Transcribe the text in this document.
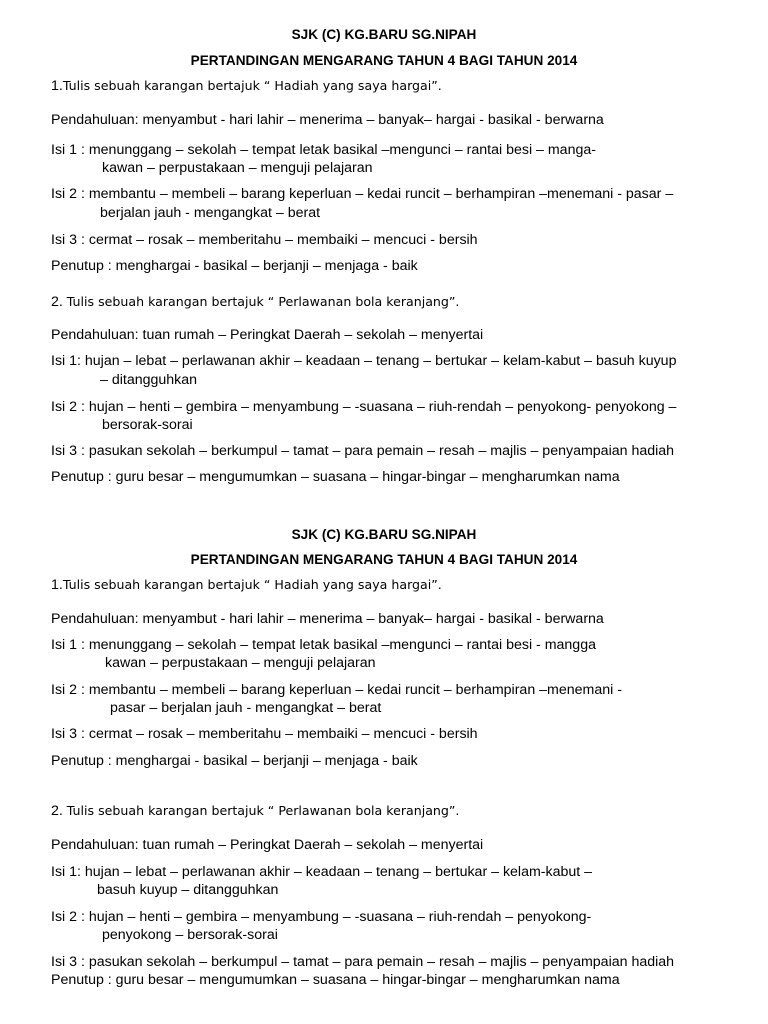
SJK (C) KG.BARU SG.NIPAH
PERTANDINGAN MENGARANG TAHUN 4 BAGI TAHUN 2014
1.Tulis sebuah karangan bertajuk “ Hadiah yang saya hargai”.
Pendahuluan: menyambut - hari lahir – menerima – banyak– hargai - basikal - berwarna
Isi 1 : menunggang – sekolah – tempat letak basikal –mengunci – rantai besi – manga-
kawan – perpustakaan – menguji pelajaran
Isi 2 : membantu – membeli – barang keperluan – kedai runcit – berhampiran –menemani - pasar –
berjalan jauh - mengangkat – berat
Isi 3 : cermat – rosak – memberitahu – membaiki – mencuci - bersih
Penutup : menghargai - basikal – berjanji – menjaga - baik
2. Tulis sebuah karangan bertajuk “ Perlawanan bola keranjang”.
Pendahuluan: tuan rumah – Peringkat Daerah – sekolah – menyertai
Isi 1: hujan – lebat – perlawanan akhir – keadaan – tenang – bertukar – kelam-kabut – basuh kuyup
– ditangguhkan
Isi 2 : hujan – henti – gembira – menyambung – -suasana – riuh-rendah – penyokong- penyokong –
bersorak-sorai
Isi 3 : pasukan sekolah – berkumpul – tamat – para pemain – resah – majlis – penyampaian hadiah
Penutup : guru besar – mengumumkan – suasana – hingar-bingar – mengharumkan nama
SJK (C) KG.BARU SG.NIPAH
PERTANDINGAN MENGARANG TAHUN 4 BAGI TAHUN 2014
1.Tulis sebuah karangan bertajuk “ Hadiah yang saya hargai”.
Pendahuluan: menyambut - hari lahir – menerima – banyak– hargai - basikal - berwarna
Isi 1 : menunggang – sekolah – tempat letak basikal –mengunci – rantai besi - mangga
kawan – perpustakaan – menguji pelajaran
Isi 2 : membantu – membeli – barang keperluan – kedai runcit – berhampiran –menemani -
pasar – berjalan jauh - mengangkat – berat
Isi 3 : cermat – rosak – memberitahu – membaiki – mencuci - bersih
Penutup : menghargai - basikal – berjanji – menjaga - baik
2. Tulis sebuah karangan bertajuk “ Perlawanan bola keranjang”.
Pendahuluan: tuan rumah – Peringkat Daerah – sekolah – menyertai
Isi 1: hujan – lebat – perlawanan akhir – keadaan – tenang – bertukar – kelam-kabut –
basuh kuyup – ditangguhkan
Isi 2 : hujan – henti – gembira – menyambung – -suasana – riuh-rendah – penyokong-
penyokong – bersorak-sorai
Isi 3 : pasukan sekolah – berkumpul – tamat – para pemain – resah – majlis – penyampaian hadiah
Penutup : guru besar – mengumumkan – suasana – hingar-bingar – mengharumkan nama
